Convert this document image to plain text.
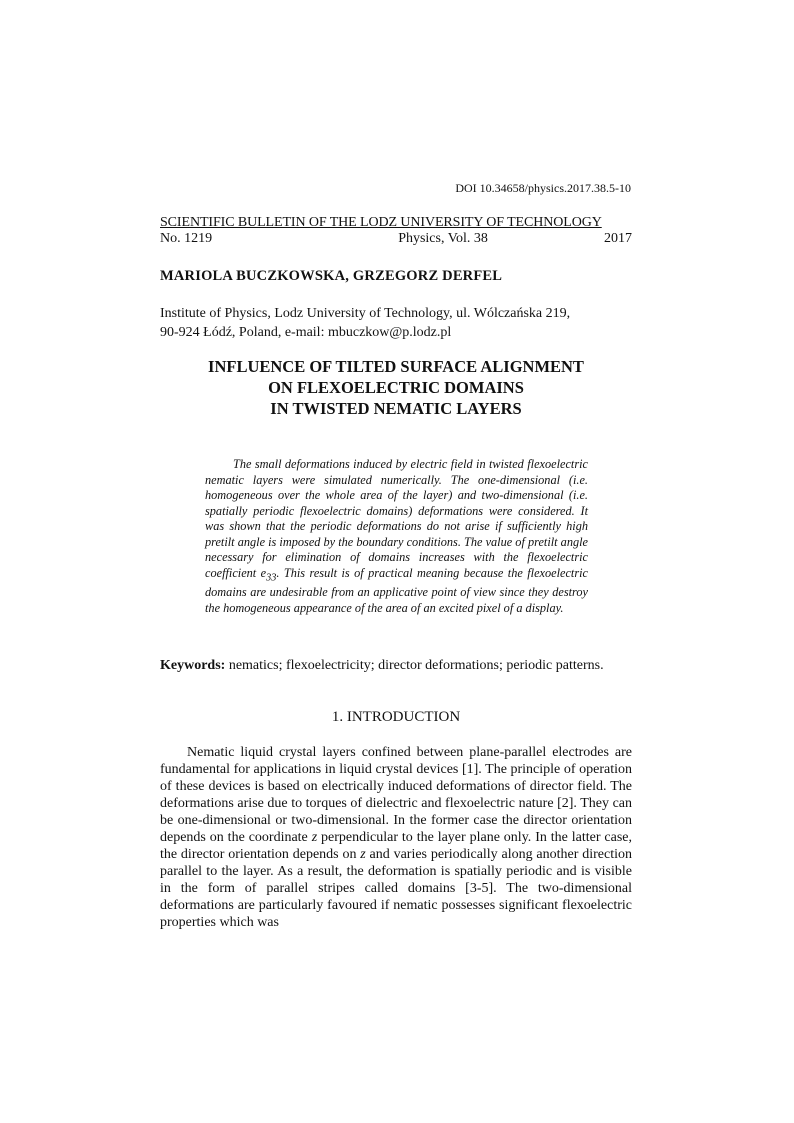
DOI 10.34658/physics.2017.38.5-10
SCIENTIFIC BULLETIN OF THE LODZ UNIVERSITY OF TECHNOLOGY
No. 1219	Physics, Vol. 38	2017
MARIOLA BUCZKOWSKA, GRZEGORZ DERFEL
Institute of Physics, Lodz University of Technology, ul. Wólczańska 219,
90-924 Łódź, Poland, e-mail: mbuczkow@p.lodz.pl
INFLUENCE OF TILTED SURFACE ALIGNMENT
ON FLEXOELECTRIC DOMAINS
IN TWISTED NEMATIC LAYERS
The small deformations induced by electric field in twisted flexoelectric nematic layers were simulated numerically. The one-dimensional (i.e. homogeneous over the whole area of the layer) and two-dimensional (i.e. spatially periodic flexoelectric domains) deformations were considered. It was shown that the periodic deformations do not arise if sufficiently high pretilt angle is imposed by the boundary conditions. The value of pretilt angle necessary for elimination of domains increases with the flexoelectric coefficient $e_{33}$. This result is of practical meaning because the flexoelectric domains are undesirable from an applicative point of view since they destroy the homogeneous appearance of the area of an excited pixel of a display.
Keywords: nematics; flexoelectricity; director deformations; periodic patterns.
1. INTRODUCTION
Nematic liquid crystal layers confined between plane-parallel electrodes are fundamental for applications in liquid crystal devices [1]. The principle of operation of these devices is based on electrically induced deformations of director field. The deformations arise due to torques of dielectric and flexoelectric nature [2]. They can be one-dimensional or two-dimensional. In the former case the director orientation depends on the coordinate z perpendicular to the layer plane only. In the latter case, the director orientation depends on z and varies periodically along another direction parallel to the layer. As a result, the deformation is spatially periodic and is visible in the form of parallel stripes called domains [3-5]. The two-dimensional deformations are particularly favoured if nematic possesses significant flexoelectric properties which was
